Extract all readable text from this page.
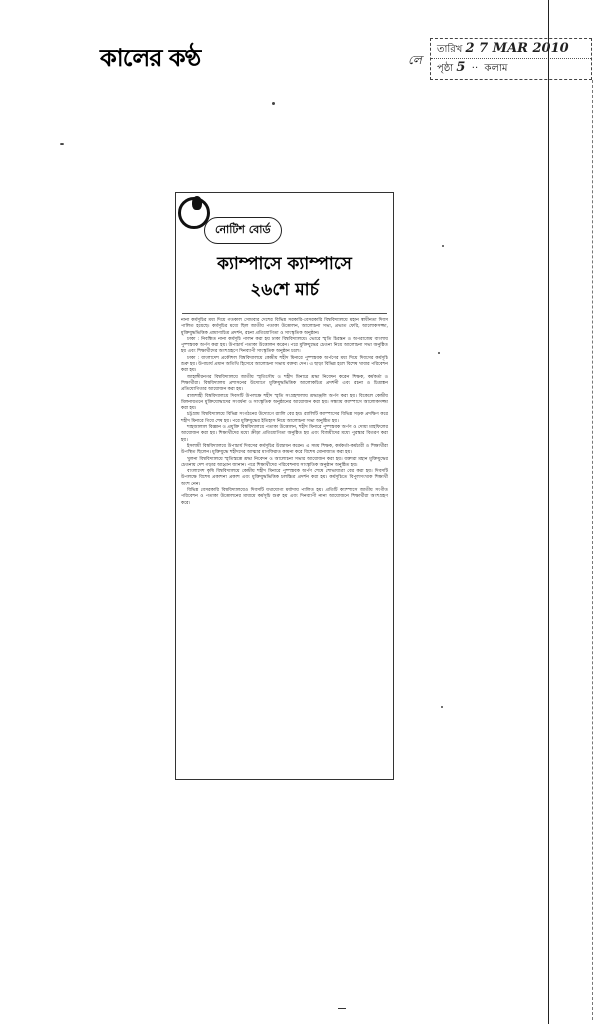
কালের কণ্ঠ	লে
তারিখ 2 7 MAR 2010
পৃষ্ঠা 5  ··  কলাম
নোটিশ বোর্ড
ক্যাম্পাসে ক্যাম্পাসে
২৬শে মার্চ

নানা কর্মসূচির মধ্য দিয়ে গতকাল সোমবার দেশের বিভিন্ন সরকারি-বেসরকারি বিশ্ববিদ্যালয়ে মহান স্বাধীনতা দিবস পালিত হয়েছে। কর্মসূচির মধ্যে ছিল জাতীয় পতাকা উত্তোলন, আলোচনা সভা, প্রভাত ফেরি, আলোকসজ্জা, মুক্তিযুদ্ধভিত্তিক প্রামাণ্যচিত্র প্রদর্শন, রচনা প্রতিযোগিতা ও সাংস্কৃতিক অনুষ্ঠান।

ঢাকা : নিবন্ধিত নানা কর্মসূচি পালন করা হয় ঢাকা বিশ্ববিদ্যালয়ে। ভোরে স্মৃতি চিরন্তন ও অপরাজেয় বাংলায় পুষ্পস্তবক অর্পণ করা হয়। উপাচার্য পতাকা উত্তোলন করেন। পরে মুক্তিযুদ্ধের চেতনা নিয়ে আলোচনা সভা অনুষ্ঠিত হয় এবং শিক্ষার্থীদের অংশগ্রহণে দিনব্যাপী সাংস্কৃতিক অনুষ্ঠান চলে।

ঢাকা : বাংলাদেশ প্রকৌশল বিশ্ববিদ্যালয়ে কেন্দ্রীয় শহীদ মিনারে পুষ্পস্তবক অর্পণের মধ্য দিয়ে দিবসের কর্মসূচি শুরু হয়। উপাচার্য প্রধান অতিথি হিসেবে আলোচনা সভায় বক্তব্য দেন। এ ছাড়া বিভিন্ন হলে বিশেষ খাবার পরিবেশন করা হয়।

জাহাঙ্গীরনগর বিশ্ববিদ্যালয়ে জাতীয় স্মৃতিসৌধ ও শহীদ মিনারে শ্রদ্ধা নিবেদন করেন শিক্ষক, কর্মকর্তা ও শিক্ষার্থীরা। বিশ্ববিদ্যালয় প্রশাসনের উদ্যোগে মুক্তিযুদ্ধভিত্তিক আলোকচিত্র প্রদর্শনী এবং রচনা ও চিত্রাঙ্কন প্রতিযোগিতার আয়োজন করা হয়।

রাজশাহী বিশ্ববিদ্যালয়ে দিবসটি উপলক্ষে শহীদ স্মৃতি সংগ্রহশালায় শ্রদ্ধাঞ্জলি অর্পণ করা হয়। বিকেলে কেন্দ্রীয় মিলনায়তনে মুক্তিযোদ্ধাদের সংবর্ধনা ও সাংস্কৃতিক অনুষ্ঠানের আয়োজন করা হয়। সন্ধ্যায় ক্যাম্পাসে আলোকসজ্জা করা হয়।

চট্টগ্রাম বিশ্ববিদ্যালয়ে বিভিন্ন সংগঠনের উদ্যোগে র‌্যালি বের হয়। র‌্যালিটি ক্যাম্পাসের বিভিন্ন সড়ক প্রদক্ষিণ করে শহীদ মিনারে গিয়ে শেষ হয়। পরে মুক্তিযুদ্ধের ইতিহাস নিয়ে আলোচনা সভা অনুষ্ঠিত হয়।

শাহজালাল বিজ্ঞান ও প্রযুক্তি বিশ্ববিদ্যালয়ে পতাকা উত্তোলন, শহীদ মিনারে পুষ্পস্তবক অর্পণ ও দোয়া মাহফিলের আয়োজন করা হয়। শিক্ষার্থীদের মধ্যে ক্রীড়া প্রতিযোগিতা অনুষ্ঠিত হয় এবং বিজয়ীদের মধ্যে পুরস্কার বিতরণ করা হয়।

ইসলামী বিশ্ববিদ্যালয়ে উপাচার্য দিবসের কর্মসূচির উদ্বোধন করেন। এ সময় শিক্ষক, কর্মকর্তা-কর্মচারী ও শিক্ষার্থীরা উপস্থিত ছিলেন। মুক্তিযুদ্ধে শহীদদের আত্মার মাগফিরাত কামনা করে বিশেষ মোনাজাত করা হয়।

খুলনা বিশ্ববিদ্যালয়ে স্মৃতিস্তম্ভে শ্রদ্ধা নিবেদন ও আলোচনা সভার আয়োজন করা হয়। বক্তারা মহান মুক্তিযুদ্ধের চেতনায় দেশ গড়ার আহ্বান জানান। পরে শিক্ষার্থীদের পরিবেশনায় সাংস্কৃতিক অনুষ্ঠান অনুষ্ঠিত হয়।

বাংলাদেশ কৃষি বিশ্ববিদ্যালয়ে কেন্দ্রীয় শহীদ মিনারে পুষ্পস্তবক অর্পণ শেষে শোভাযাত্রা বের করা হয়। দিবসটি উপলক্ষে বিশেষ প্রকাশনা প্রকাশ এবং মুক্তিযুদ্ধভিত্তিক চলচ্চিত্র প্রদর্শন করা হয়। কর্মসূচিতে বিপুলসংখ্যক শিক্ষার্থী অংশ নেন।

বিভিন্ন বেসরকারি বিশ্ববিদ্যালয়েও দিবসটি যথাযোগ্য মর্যাদায় পালিত হয়। প্রতিটি ক্যাম্পাসে জাতীয় সংগীত পরিবেশন ও পতাকা উত্তোলনের মাধ্যমে কর্মসূচি শুরু হয় এবং দিনব্যাপী নানা আয়োজনে শিক্ষার্থীরা অংশগ্রহণ করে।
